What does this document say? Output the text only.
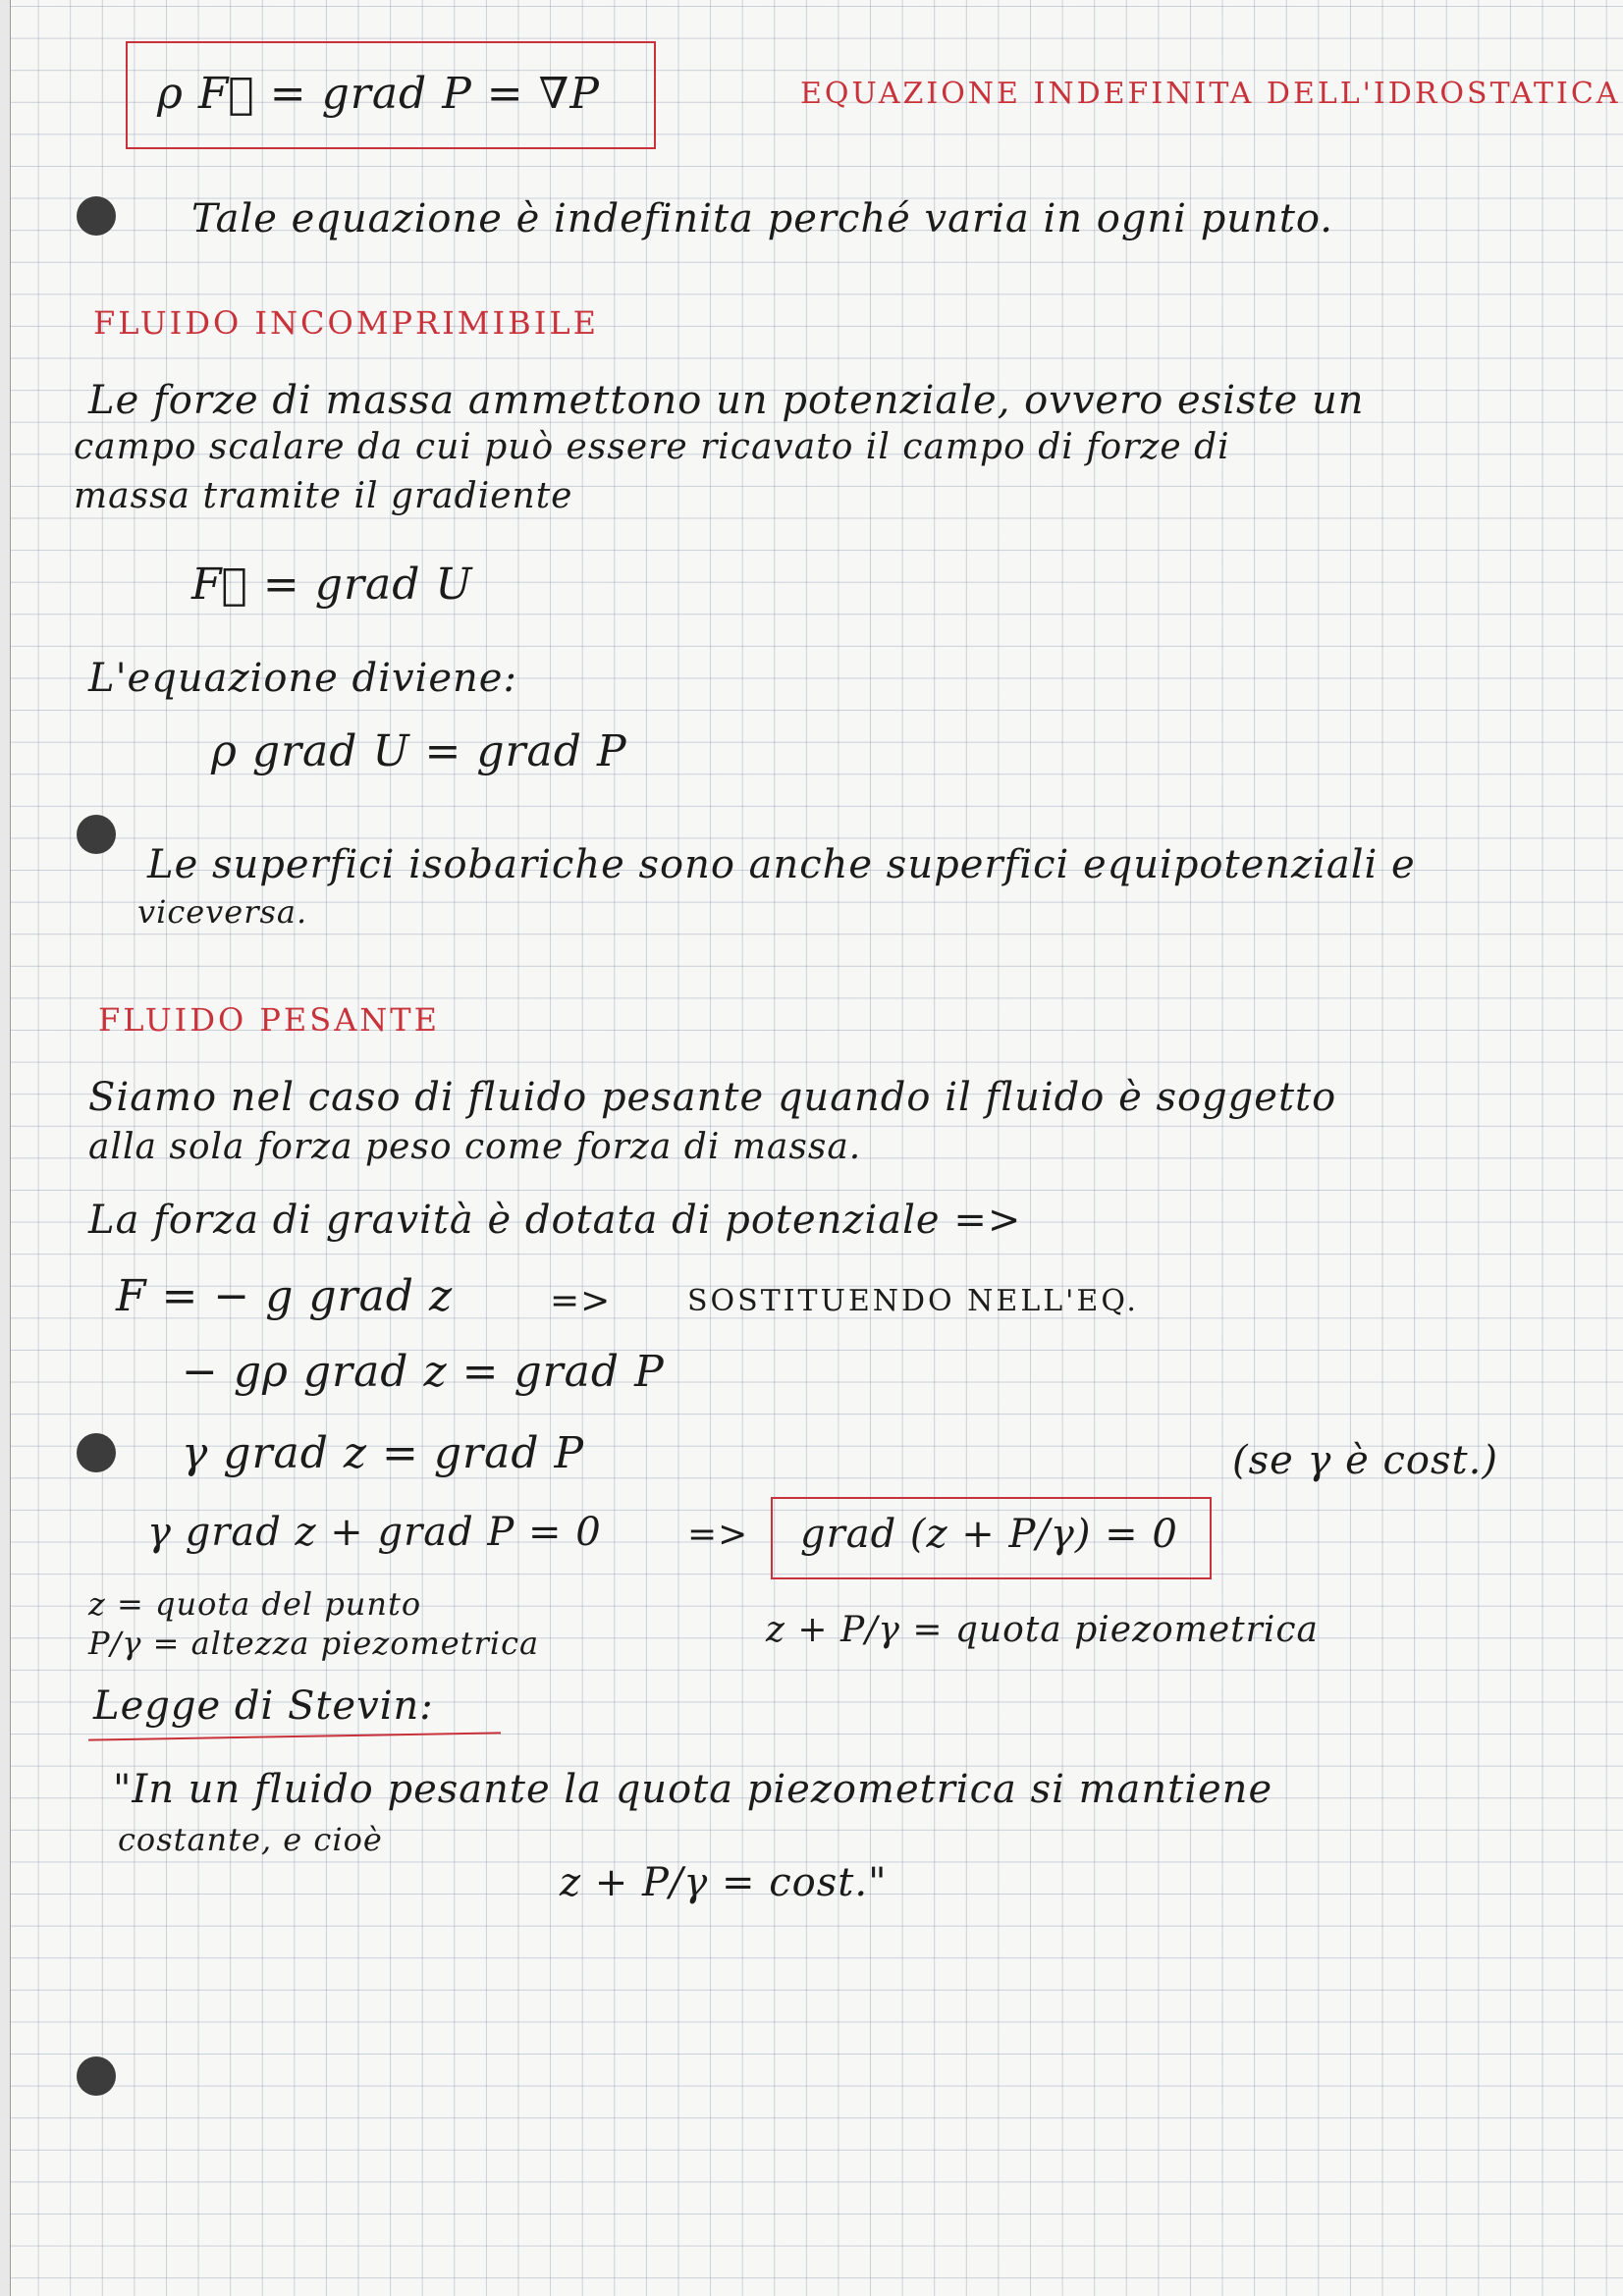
ρ F⃗ = grad P = ∇P	EQUAZIONE INDEFINITA DELL'IDROSTATICA
Tale equazione è indefinita perché varia in ogni punto.
FLUIDO INCOMPRIMIBILE
Le forze di massa ammettono un potenziale, ovvero esiste un
campo scalare da cui può essere ricavato il campo di forze di
massa tramite il gradiente
F⃗ = grad U
L'equazione diviene:
ρ grad U = grad P
Le superfici isobariche sono anche superfici equipotenziali e
viceversa.
FLUIDO PESANTE
Siamo nel caso di fluido pesante quando il fluido è soggetto
alla sola forza peso come forza di massa.
La forza di gravità è dotata di potenziale =>
F = − g grad z	=>	SOSTITUENDO NELL'EQ.
− gρ grad z = grad P
γ grad z = grad P	(se γ è cost.)
γ grad z + grad P = 0 => grad (z + P/γ) = 0
z = quota del punto
P/γ = altezza piezometrica	z + P/γ = quota piezometrica
Legge di Stevin:
"In un fluido pesante la quota piezometrica si mantiene
costante, e cioè
z + P/γ = cost."
